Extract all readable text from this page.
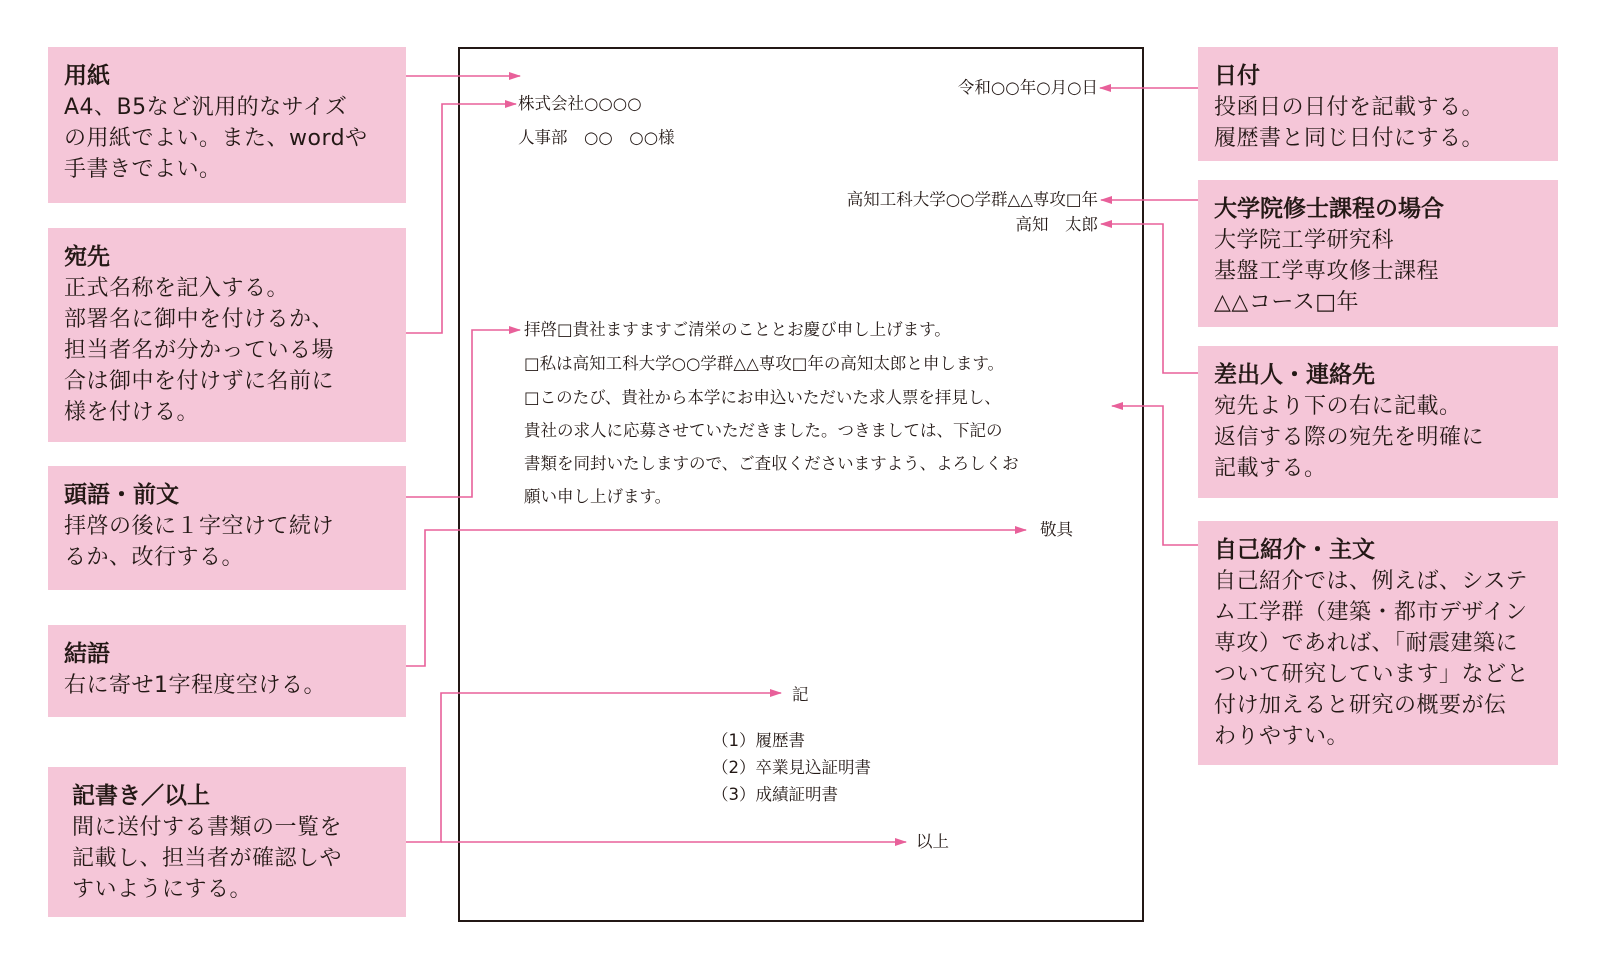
用紙

A4、B5など汎用的なサイズ
の用紙でよい。また、wordや
手書きでよい。

宛先

正式名称を記入する。
部署名に御中を付けるか、
担当者名が分かっている場
合は御中を付けずに名前に
様を付ける。

頭語・前文

拝啓の後に１字空けて続け
るか、改行する。

結語

右に寄せ1字程度空ける。

記書き／以上

間に送付する書類の一覧を
記載し、担当者が確認しや
すいようにする。

日付

投函日の日付を記載する。
履歴書と同じ日付にする。

大学院修士課程の場合

大学院工学研究科
基盤工学専攻修士課程
△△コース□年

差出人・連絡先

宛先より下の右に記載。
返信する際の宛先を明確に
記載する。

自己紹介・主文

自己紹介では、例えば、システ
ム工学群（建築・都市デザイン
専攻）であれば、「耐震建築に
ついて研究しています」などと
付け加えると研究の概要が伝
わりやすい。

令和○○年○月○日
株式会社○○○○
人事部　○○　○○様
高知工科大学○○学群△△専攻□年
高知　太郎
拝啓□貴社ますますご清栄のこととお慶び申し上げます。
□私は高知工科大学○○学群△△専攻□年の高知太郎と申します。
□このたび、貴社から本学にお申込いただいた求人票を拝見し、
貴社の求人に応募させていただきました。つきましては、下記の
書類を同封いたしますので、ご査収くださいますよう、よろしくお
願い申し上げます。
敬具
記
（1）履歴書
（2）卒業見込証明書
（3）成績証明書
以上
